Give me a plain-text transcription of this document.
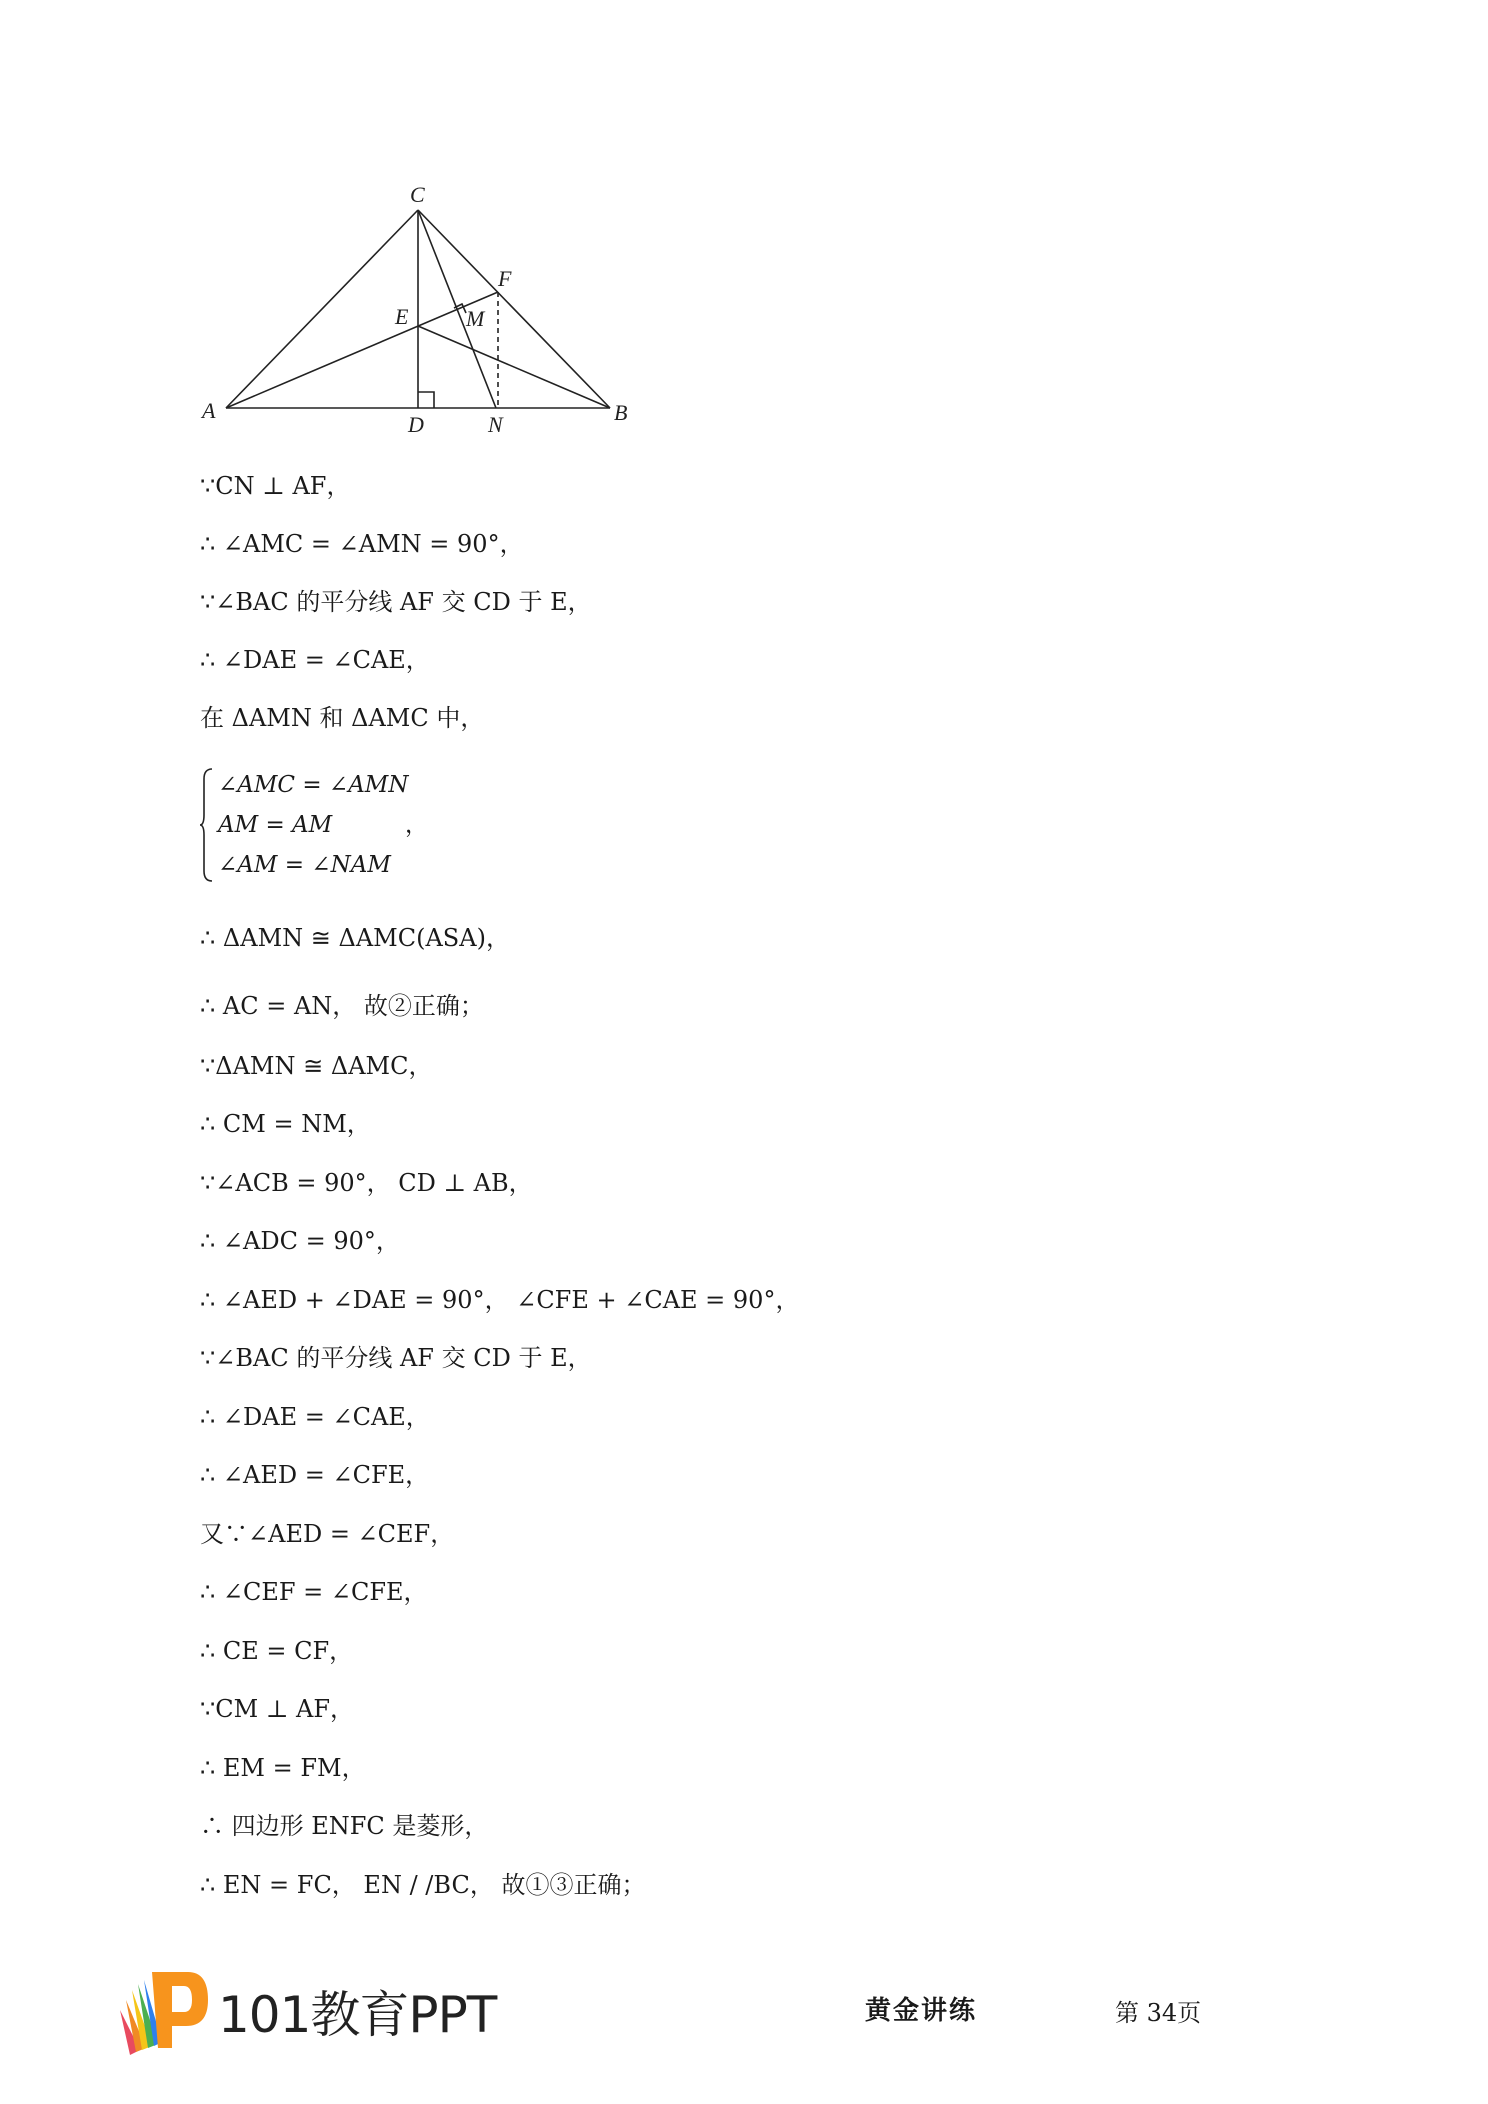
C
F
E	M
A
D	N	B
∵CN ⊥ AF，
∴ ∠AMC = ∠AMN = 90°，
∵∠BAC 的平分线 AF 交 CD 于 E，
∴ ∠DAE = ∠CAE，
在 ΔAMN 和 ΔAMC 中，
∠AMC = ∠AMN
AM = AM
∠AM = ∠NAM
，
∴ ΔAMN ≅ ΔAMC(ASA)，
∴ AC = AN， 故②正确；
∵ΔAMN ≅ ΔAMC，
∴ CM = NM，
∵∠ACB = 90°， CD ⊥ AB，
∴ ∠ADC = 90°，
∴ ∠AED + ∠DAE = 90°， ∠CFE + ∠CAE = 90°，
∵∠BAC 的平分线 AF 交 CD 于 E，
∴ ∠DAE = ∠CAE，
∴ ∠AED = ∠CFE，
又∵∠AED = ∠CEF，
∴ ∠CEF = ∠CFE，
∴ CE = CF，
∵CM ⊥ AF，
∴ EM = FM，
∴ 四边形 ENFC 是菱形，
∴ EN = FC， EN / /BC， 故①③正确；
101教育PPT	黄金讲练	第 34页
